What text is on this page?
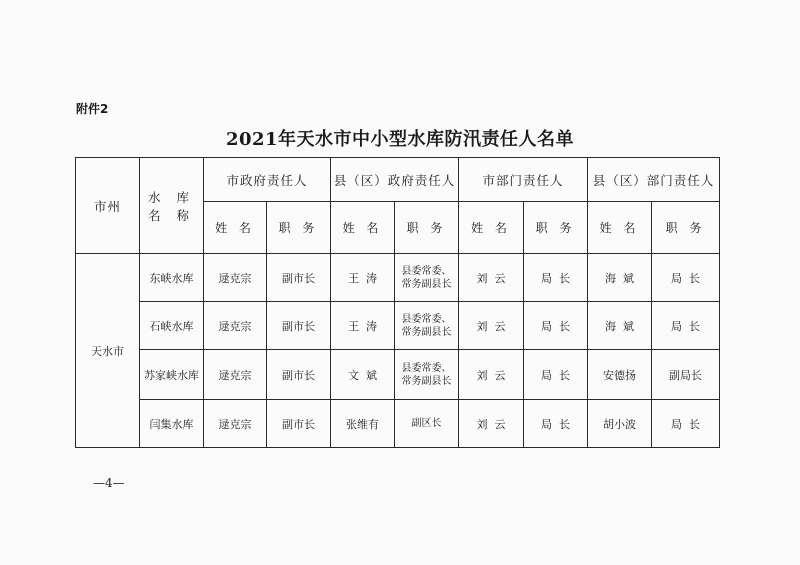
附件2
2021年天水市中小型水库防汛责任人名单
市州	水 库
名 称	市政府责任人		县（区）政府责任人		市部门责任人		县（区）部门责任人	
		姓 名	职 务	姓 名	职 务	姓 名	职 务	姓 名	职 务
天水市	东峡水库	逯克宗	副市长	王  涛	县委常委、
常务副县长	刘  云	局  长	海  斌	局  长
	石峡水库	逯克宗	副市长	王  涛	县委常委、
常务副县长	刘  云	局  长	海  斌	局  长
	苏家峡水库	逯克宗	副市长	文  斌	县委常委、
常务副县长	刘  云	局  长	安德扬	副局长
	闫集水库	逯克宗	副市长	张维有	副区长	刘  云	局  长	胡小波	局  长
—4—
